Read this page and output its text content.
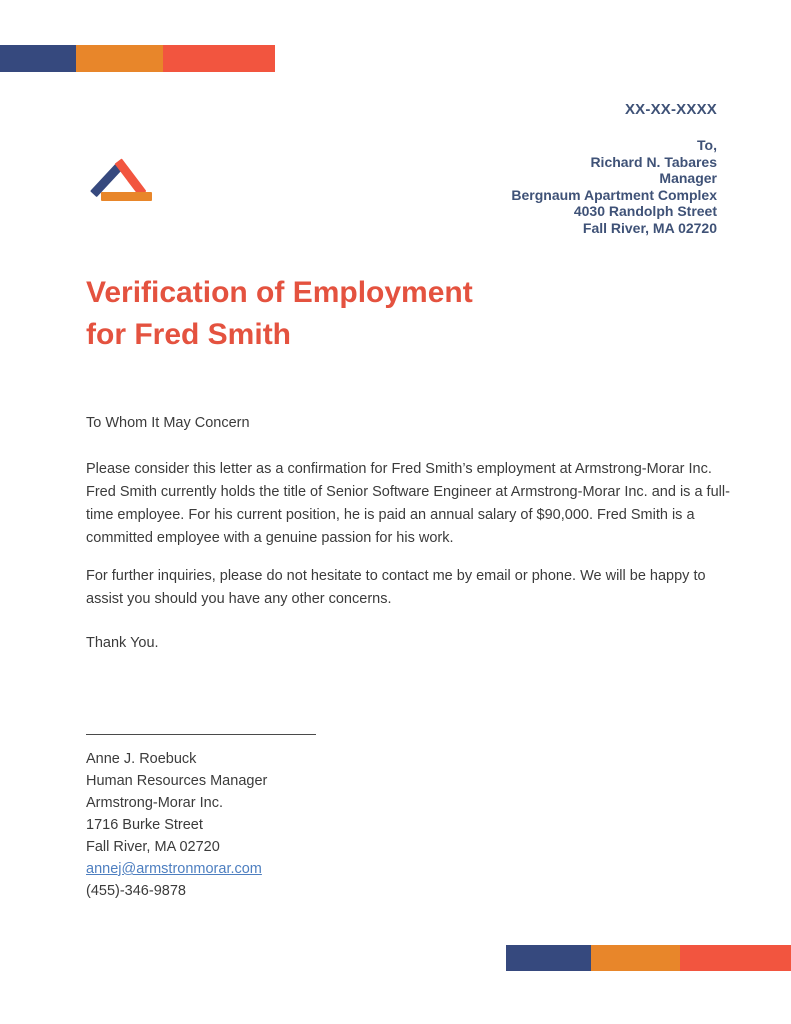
XX-XX-XXXX
To,
Richard N. Tabares
Manager
Bergnaum Apartment Complex
4030 Randolph Street
Fall River, MA 02720
Verification of Employment
for Fred Smith

To Whom It May Concern

Please consider this letter as a confirmation for Fred Smith’s employment at Armstrong-Morar Inc. Fred Smith currently holds the title of Senior Software Engineer at Armstrong-Morar Inc. and is a full-time employee. For his current position, he is paid an annual salary of $90,000. Fred Smith is a committed employee with a genuine passion for his work.

For further inquiries, please do not hesitate to contact me by email or phone. We will be happy to assist you should you have any other concerns.

Thank You.

Anne J. Roebuck
Human Resources Manager
Armstrong-Morar Inc.
1716 Burke Street
Fall River, MA 02720
annej@armstronmorar.com
(455)-346-9878
